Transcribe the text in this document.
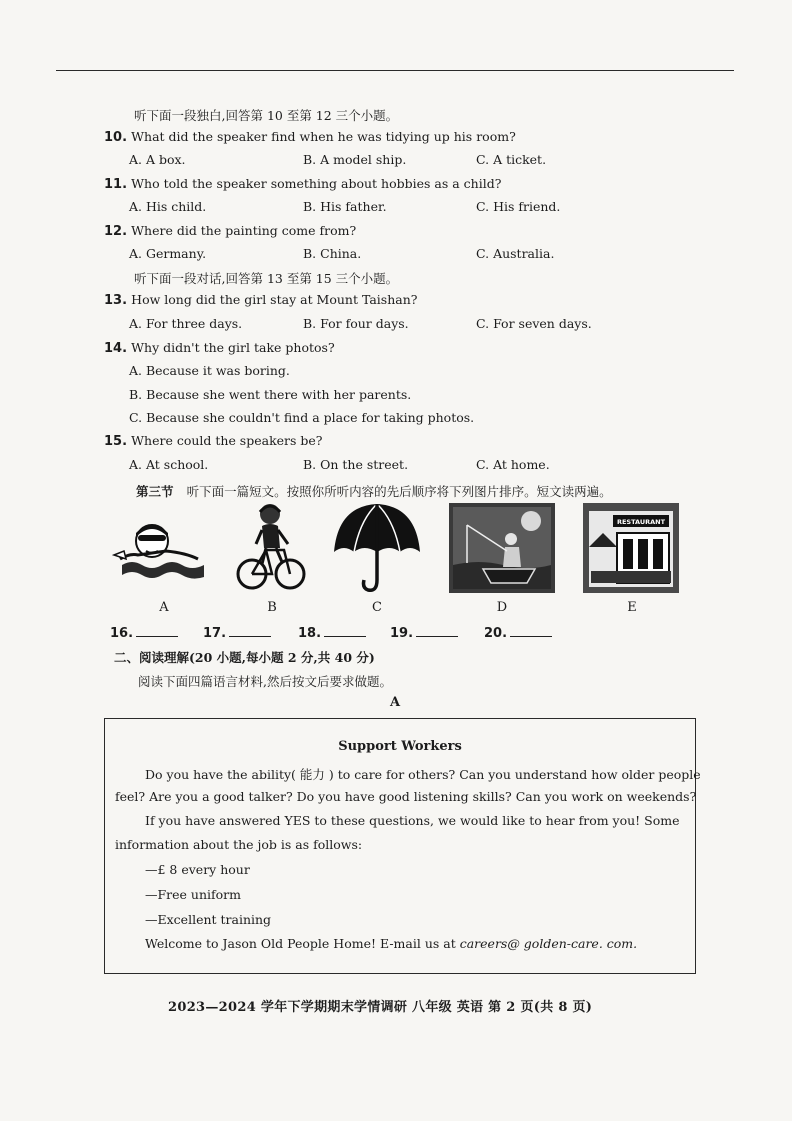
听下面一段独白,回答第 10 至第 12 三个小题。
10. What did the speaker find when he was tidying up his room?
A. A box.	B. A model ship.	C. A ticket.
11. Who told the speaker something about hobbies as a child?
A. His child.	B. His father.	C. His friend.
12. Where did the painting come from?
A. Germany.	B. China.	C. Australia.
听下面一段对话,回答第 13 至第 15 三个小题。
13. How long did the girl stay at Mount Taishan?
A. For three days.	B. For four days.	C. For seven days.
14. Why didn't the girl take photos?
A. Because it was boring.
B. Because she went there with her parents.
C. Because she couldn't find a place for taking photos.
15. Where could the speakers be?
A. At school.	B. On the street.	C. At home.
第三节 听下面一篇短文。按照你所听内容的先后顺序将下列图片排序。短文读两遍。
RESTAURANT
A	B	C	D	E
16.	17.	18.	19.	20.
二、阅读理解(20 小题,每小题 2 分,共 40 分)
阅读下面四篇语言材料,然后按文后要求做题。
A
Support Workers
Do you have the ability( 能力 ) to care for others? Can you understand how older people
feel? Are you a good talker? Do you have good listening skills? Can you work on weekends?
If you have answered YES to these questions, we would like to hear from you! Some
information about the job is as follows:
—£ 8 every hour
—Free uniform
—Excellent training
Welcome to Jason Old People Home! E-mail us at careers@ golden-care. com.
2023—2024 学年下学期期末学情调研 八年级 英语 第 2 页(共 8 页)
